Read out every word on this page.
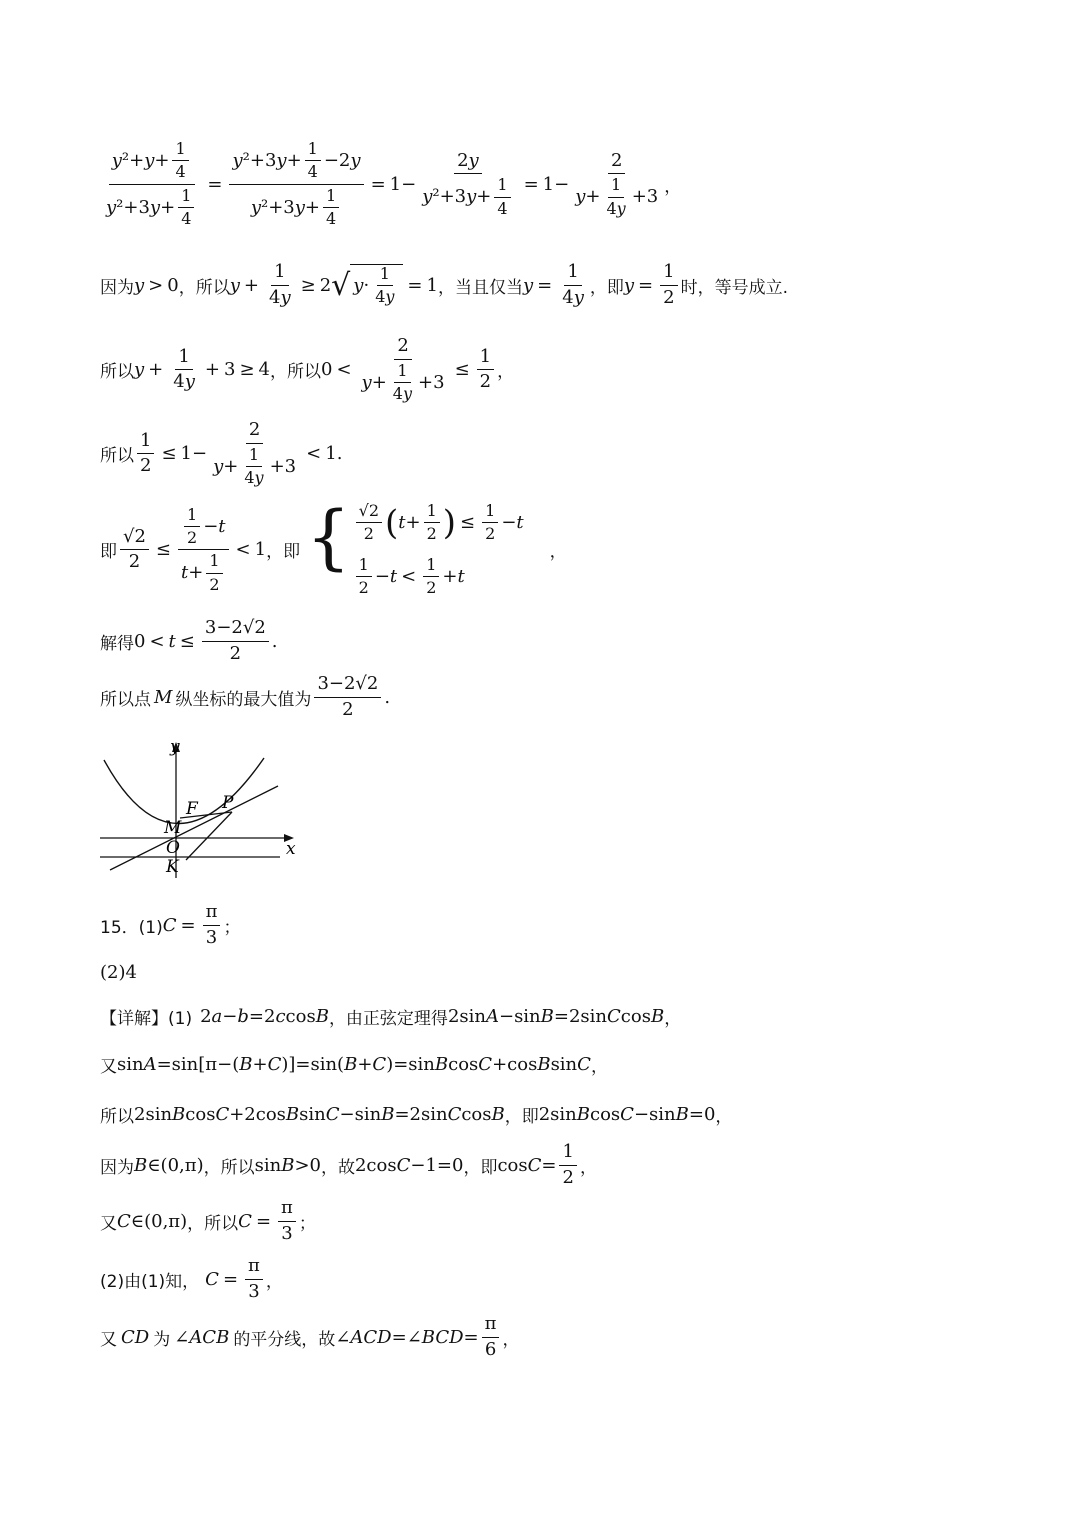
$\frac{y^2+y+ \frac{1}{4}}{y^2+3y+ \frac{1}{4}} = \frac{y^2+3y+ \frac{1}{4} -2y}{y^2+3y+ \frac{1}{4}} = 1- \frac{2y}{y^2+3y+ \frac{1}{4}} = 1- \frac{2}{y+ \frac{1}{4y} +3}$ ，
因为 y > 0 ，所以 $y + \frac{1}{4y} \ge 2$ √ $y \cdot \frac{1}{4y} = 1$ ，当且仅当 $y = \frac{1}{4y}$ ，即 $y = \frac{1}{2}$ 时，等号成立.
所以 $y + \frac{1}{4y} + 3 \ge 4$ ，所以 $0 < \frac{2}{y+ \frac{1}{4y} +3} \le \frac{1}{2}$ ，
所以 $\frac{1}{2} \le 1- \frac{2}{y+ \frac{1}{4y} +3} < 1$ .
即 $\frac{√2}{2} \le \frac{\frac{1}{2} -t}{t+ \frac{1}{2}} < 1$ ，即 { $\frac{√2}{2}$ ( $t + \frac{1}{2}$ ) ≤ $\frac{1}{2} - t$
$\frac{1}{2} - t < \frac{1}{2} + t$
，
解得 $0 < t \le \frac{3-2√2}{2}$ .
所以点 M 纵坐标的最大值为 $\frac{3-2√2}{2}$ .
y
x
F P
M
O
K
15．(1) $C = \frac{\pi}{3}$ ；
(2)4
【详解】(1) 2a−b=2ccosB ，由正弦定理得 2sinA−sinB=2sinCcosB ，
又 sinA=sin[π−(B+C)]=sin(B+C)=sinBcosC+cosBsinC ，
所以 2sinBcosC+2cosBsinC−sinB=2sinCcosB ，即 2sinBcosC−sinB=0 ，
因为 B∈(0,π) ，所以 sinB>0 ，故 2cosC−1=0 ，即 $\cos C= \frac{1}{2}$ ，
又 C∈(0,π) ，所以 $C = \frac{\pi}{3}$ ；
(2)由(1)知， $C = \frac{\pi}{3}$ ，
又 CD 为 ∠ACB 的平分线，故 ∠ACD=∠BCD= $\frac{\pi}{6}$ ，
